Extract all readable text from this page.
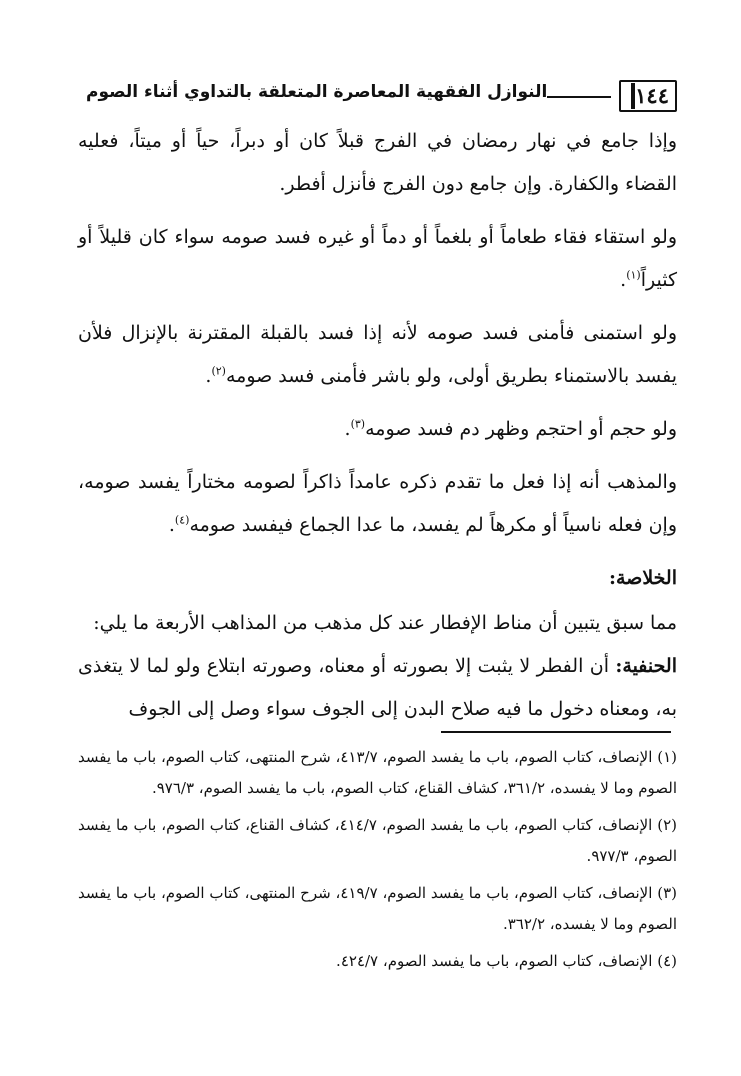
١٤٤
النوازل الفقهية المعاصرة المتعلقة بالتداوي أثناء الصوم

وإذا جامع في نهار رمضان في الفرج قبلاً كان أو دبراً، حياً أو ميتاً، فعليه القضاء والكفارة. وإن جامع دون الفرج فأنزل أفطر.

ولو استقاء فقاء طعاماً أو بلغماً أو دماً أو غيره فسد صومه سواء كان قليلاً أو كثيراً$^{(١)}$.

ولو استمنى فأمنى فسد صومه لأنه إذا فسد بالقبلة المقترنة بالإنزال فلأن يفسد بالاستمناء بطريق أولى، ولو باشر فأمنى فسد صومه$^{(٢)}$.

ولو حجم أو احتجم وظهر دم فسد صومه$^{(٣)}$.

والمذهب أنه إذا فعل ما تقدم ذكره عامداً ذاكراً لصومه مختاراً يفسد صومه، وإن فعله ناسياً أو مكرهاً لم يفسد، ما عدا الجماع فيفسد صومه$^{(٤)}$.

الخلاصة:

مما سبق يتبين أن مناط الإفطار عند كل مذهب من المذاهب الأربعة ما يلي:

الحنفية: أن الفطر لا يثبت إلا بصورته أو معناه، وصورته ابتلاع ولو لما لا يتغذى به، ومعناه دخول ما فيه صلاح البدن إلى الجوف سواء وصل إلى الجوف

(١) الإنصاف، كتاب الصوم، باب ما يفسد الصوم، ٤١٣/٧، شرح المنتهى، كتاب الصوم، باب ما يفسد الصوم وما لا يفسده، ٣٦١/٢، كشاف القناع، كتاب الصوم، باب ما يفسد الصوم، ٩٧٦/٣.

(٢) الإنصاف، كتاب الصوم، باب ما يفسد الصوم، ٤١٤/٧، كشاف القناع، كتاب الصوم، باب ما يفسد الصوم، ٩٧٧/٣.

(٣) الإنصاف، كتاب الصوم، باب ما يفسد الصوم، ٤١٩/٧، شرح المنتهى، كتاب الصوم، باب ما يفسد الصوم وما لا يفسده، ٣٦٢/٢.

(٤) الإنصاف، كتاب الصوم، باب ما يفسد الصوم، ٤٢٤/٧.
